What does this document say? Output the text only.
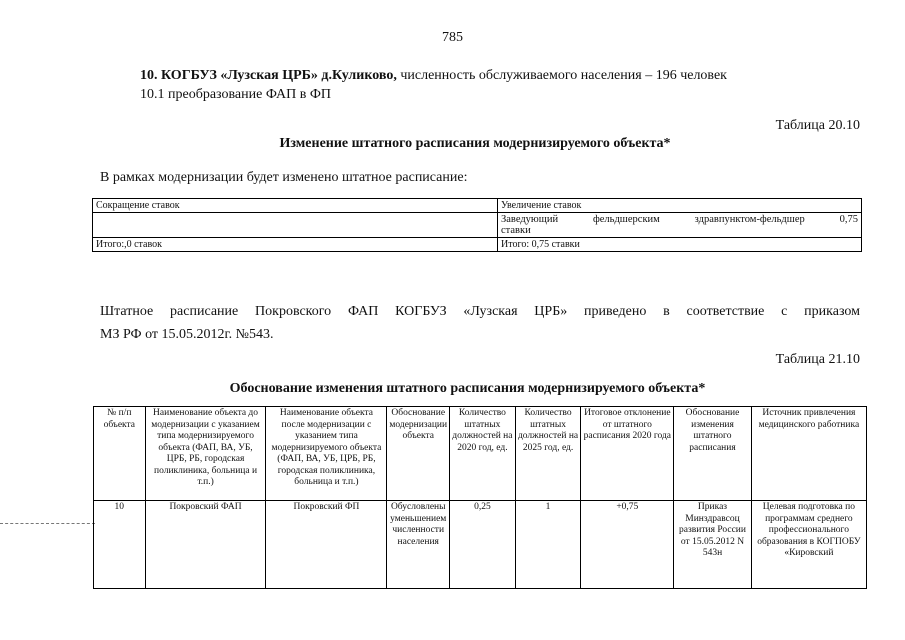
785
10. КОГБУЗ «Лузская ЦРБ» д.Куликово, численность обслуживаемого населения – 196 человек
10.1 преобразование ФАП в ФП
Таблица 20.10
Изменение штатного расписания модернизируемого объекта*
В рамках модернизации будет изменено штатное расписание:
Сокращение ставок	Увеличение ставок

	Заведующий фельдшерским здравпунктом-фельдшер 0,75
ставки

Итого:,0 ставок	Итого: 0,75 ставки
Штатное расписание Покровского ФАП КОГБУЗ «Лузская ЦРБ» приведено в соответствие с приказом
МЗ РФ от 15.05.2012г. №543.
Таблица 21.10
Обоснование изменения штатного расписания модернизируемого объекта*
№ п/п объекта	Наименование объекта до модернизации с указанием типа модернизируемого объекта (ФАП, ВА, УБ, ЦРБ, РБ, городская поликлиника, больница и т.п.)	Наименование объекта после модернизации с указанием типа модернизируемого объекта (ФАП, ВА, УБ, ЦРБ, РБ, городская поликлиника, больница и т.п.)	Обоснование модернизации объекта	Количество штатных должностей на 2020 год, ед.	Количество штатных должностей на 2025 год, ед.	Итоговое отклонение от штатного расписания 2020 года	Обоснование изменения штатного расписания	Источник привлечения медицинского работника
10	Покровский ФАП	Покровский ФП	Обусловлены уменьшением численности населения	0,25	1	+0,75	Приказ Минздравсоц развития России от 15.05.2012 N 543н	Целевая подготовка по программам среднего профессионального образования в КОГПОБУ «Кировский
